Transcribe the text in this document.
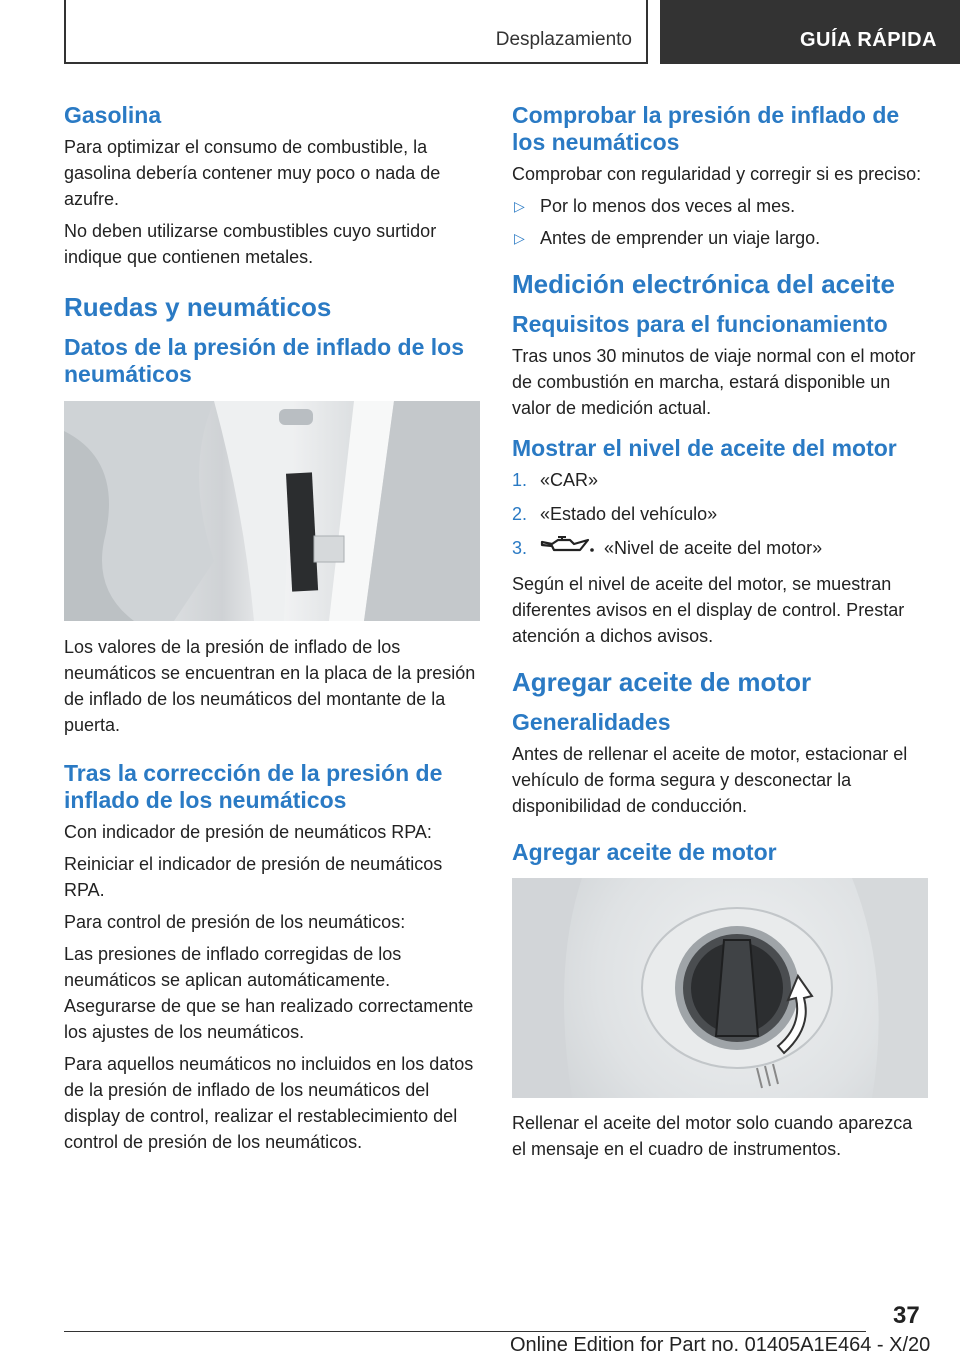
Desplazamiento	GUÍA RÁPIDA
Gasolina

Para optimizar el consumo de combustible, la gasolina debería contener muy poco o nada de azufre.

No deben utilizarse combustibles cuyo surtidor indique que contienen metales.

Ruedas y neumáticos
Datos de la presión de inflado de los neumáticos

Los valores de la presión de inflado de los neumáticos se encuentran en la placa de la presión de inflado de los neumáticos del montante de la puerta.

Tras la corrección de la presión de inflado de los neumáticos

Con indicador de presión de neumáticos RPA:

Reiniciar el indicador de presión de neumáticos RPA.

Para control de presión de los neumáticos:

Las presiones de inflado corregidas de los neumáticos se aplican automáticamente. Asegurarse de que se han realizado correctamente los ajustes de los neumáticos.

Para aquellos neumáticos no incluidos en los datos de la presión de inflado de los neumáticos del display de control, realizar el restablecimiento del control de presión de los neumáticos.

Comprobar la presión de inflado de los neumáticos

Comprobar con regularidad y corregir si es preciso:

▷ Por lo menos dos veces al mes.
▷ Antes de emprender un viaje largo.
Medición electrónica del aceite
Requisitos para el funcionamiento

Tras unos 30 minutos de viaje normal con el motor de combustión en marcha, estará disponible un valor de medición actual.

Mostrar el nivel de aceite del motor
1. «CAR»
2. «Estado del vehículo»
3.	«Nivel de aceite del motor»

Según el nivel de aceite del motor, se muestran diferentes avisos en el display de control. Prestar atención a dichos avisos.

Agregar aceite de motor
Generalidades

Antes de rellenar el aceite de motor, estacionar el vehículo de forma segura y desconectar la disponibilidad de conducción.

Agregar aceite de motor

Rellenar el aceite del motor solo cuando aparezca el mensaje en el cuadro de instrumentos.

37
Online Edition for Part no. 01405A1E464 - X/20
